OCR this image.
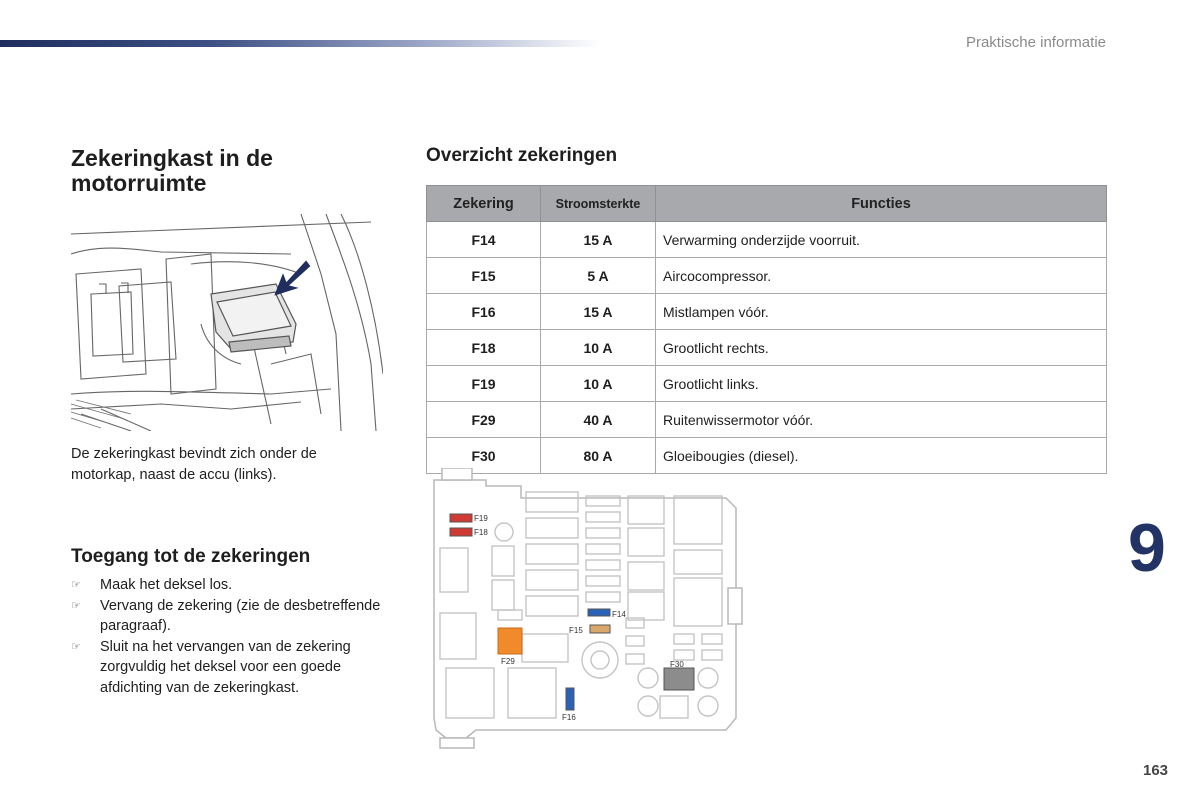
Praktische informatie
Zekeringkast in de motorruimte

De zekeringkast bevindt zich onder de motorkap, naast de accu (links).

Toegang tot de zekeringen
☞ Maak het deksel los.
☞ Vervang de zekering (zie de desbetreffende paragraaf).
☞ Sluit na het vervangen van de zekering zorgvuldig het deksel voor een goede afdichting van de zekeringkast.
Overzicht zekeringen
Zekering	Stroomsterkte	Functies
F14	15 A	Verwarming onderzijde voorruit.
F15	5 A	Aircocompressor.
F16	15 A	Mistlampen vóór.
F18	10 A	Grootlicht rechts.
F19	10 A	Grootlicht links.
F29	40 A	Ruitenwissermotor vóór.
F30	80 A	Gloeibougies (diesel).
F19
F18
F14
F15
F29	F30
F16
9
163
